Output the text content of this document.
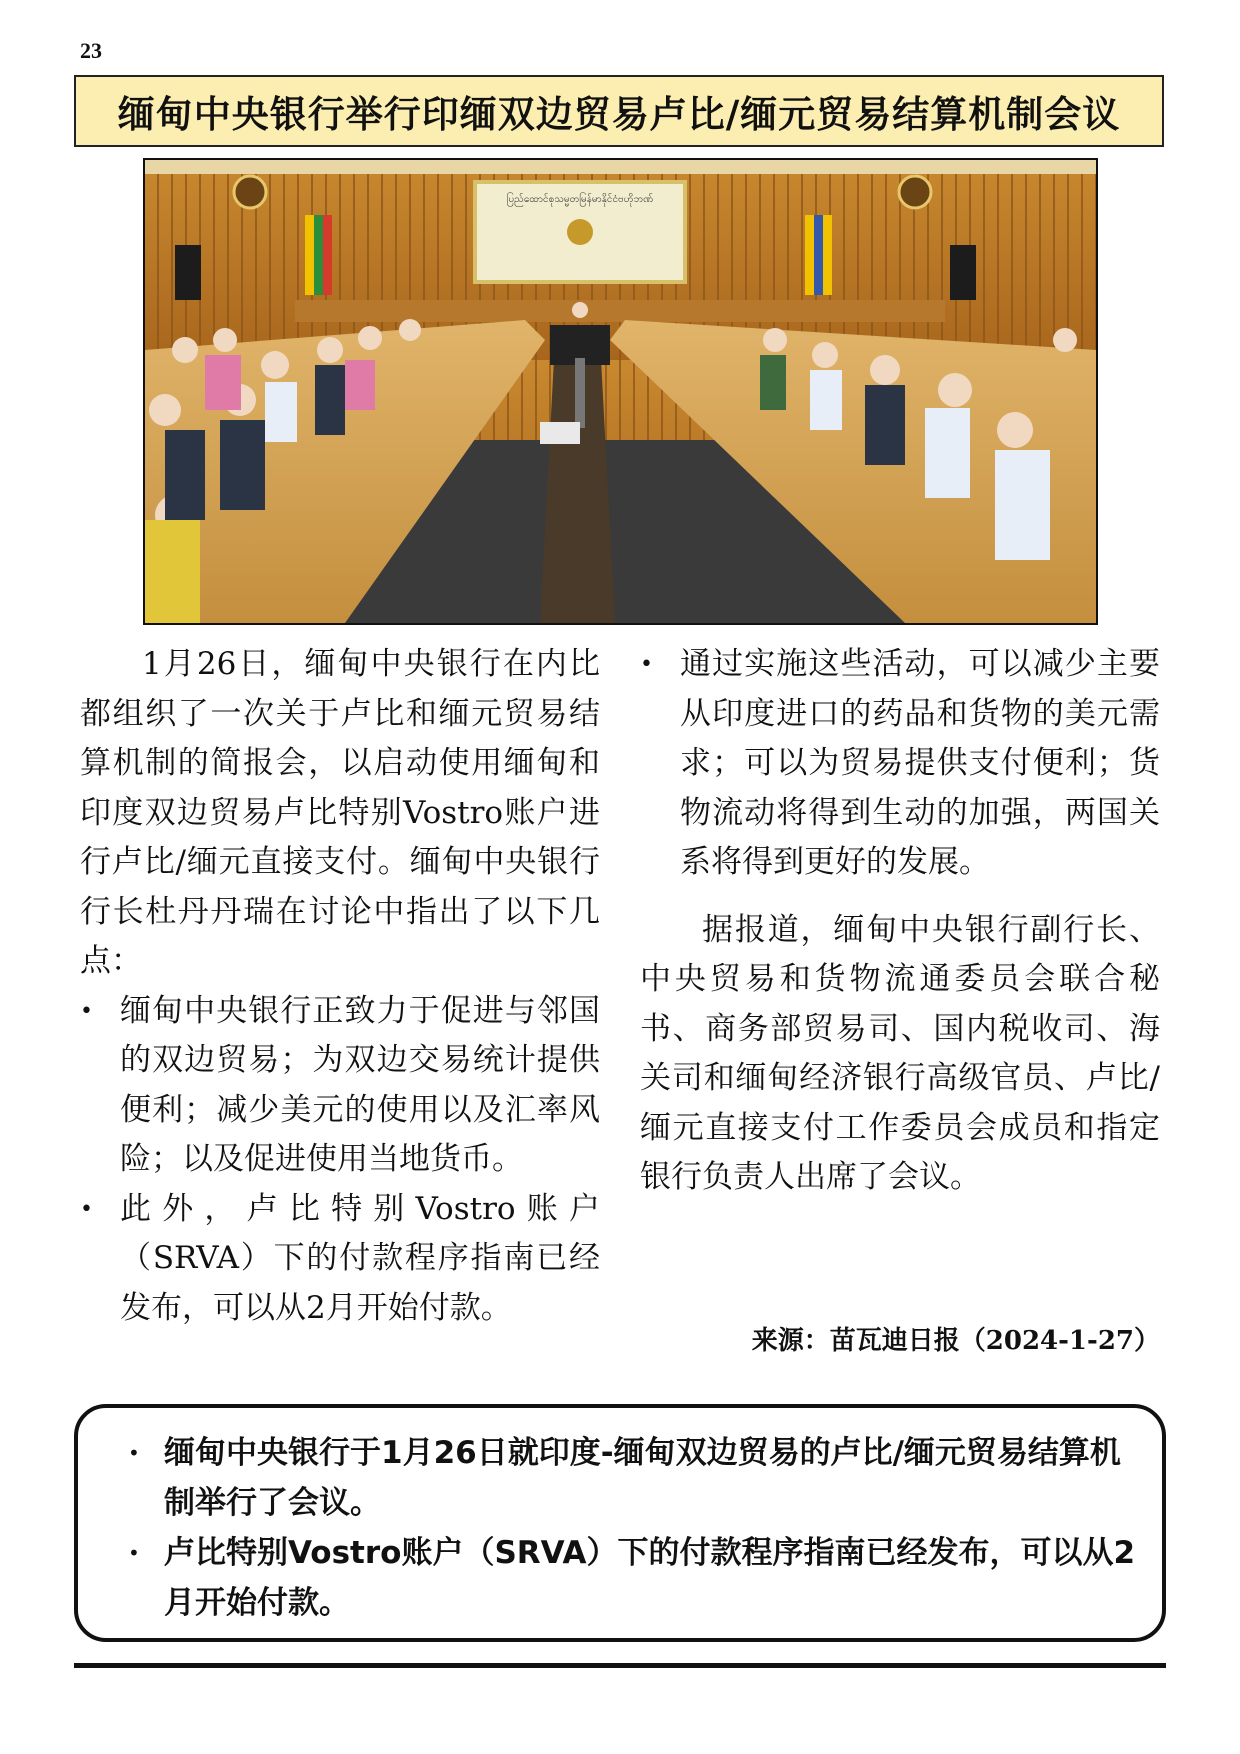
23
缅甸中央银行举行印缅双边贸易卢比/缅元贸易结算机制会议
ပြည်ထောင်စုသမ္မတမြန်မာနိုင်ငံဗဟိုဘဏ်

1月26日，缅甸中央银行在内比都组织了一次关于卢比和缅元贸易结算机制的简报会，以启动使用缅甸和印度双边贸易卢比特别Vostro账户进行卢比/缅元直接支付。缅甸中央银行行长杜丹丹瑞在讨论中指出了以下几点：

• 缅甸中央银行正致力于促进与邻国的双边贸易；为双边交易统计提供便利；减少美元的使用以及汇率风险；以及促进使用当地货币。

• 此外，卢比特别Vostro账户（SRVA）下的付款程序指南已经发布，可以从2月开始付款。

• 通过实施这些活动，可以减少主要从印度进口的药品和货物的美元需求；可以为贸易提供支付便利；货物流动将得到生动的加强，两国关系将得到更好的发展。

据报道，缅甸中央银行副行长、中央贸易和货物流通委员会联合秘书、商务部贸易司、国内税收司、海关司和缅甸经济银行高级官员、卢比/缅元直接支付工作委员会成员和指定银行负责人出席了会议。

来源：苗瓦迪日报（2024-1-27）
• 缅甸中央银行于1月26日就印度-缅甸双边贸易的卢比/缅元贸易结算机制举行了会议。
• 卢比特别Vostro账户（SRVA）下的付款程序指南已经发布，可以从2月开始付款。
